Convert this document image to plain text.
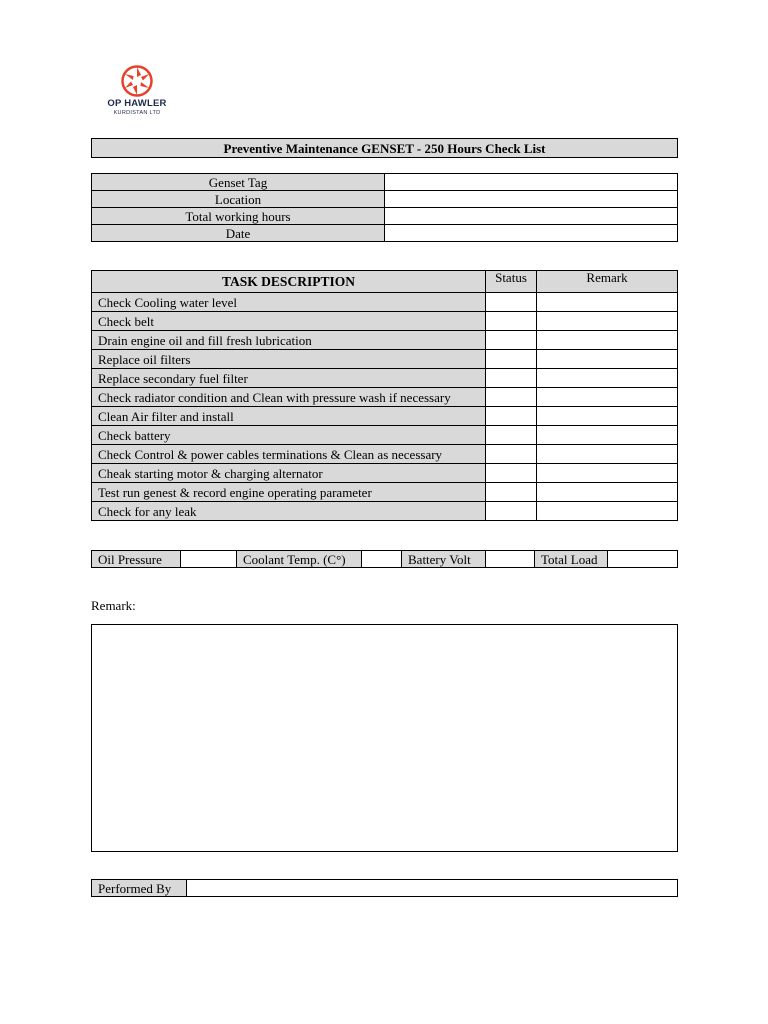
OP HAWLER
KURDISTAN LTD
Preventive Maintenance GENSET - 250 Hours Check List
Genset Tag	
Location	
Total working hours	
Date	
TASK DESCRIPTION	Status	Remark
Check Cooling water level		
Check belt		
Drain engine oil and fill fresh lubrication		
Replace oil filters		
Replace secondary fuel filter		
Check radiator condition and Clean with pressure wash if necessary		
Clean Air filter and install		
Check battery		
Check Control & power cables terminations & Clean as necessary		
Cheak starting motor & charging alternator		
Test run genest & record engine operating parameter		
Check for any leak		
Oil Pressure		Coolant Temp. (C°)		Battery Volt		Total Load	
Remark:
Performed By	
